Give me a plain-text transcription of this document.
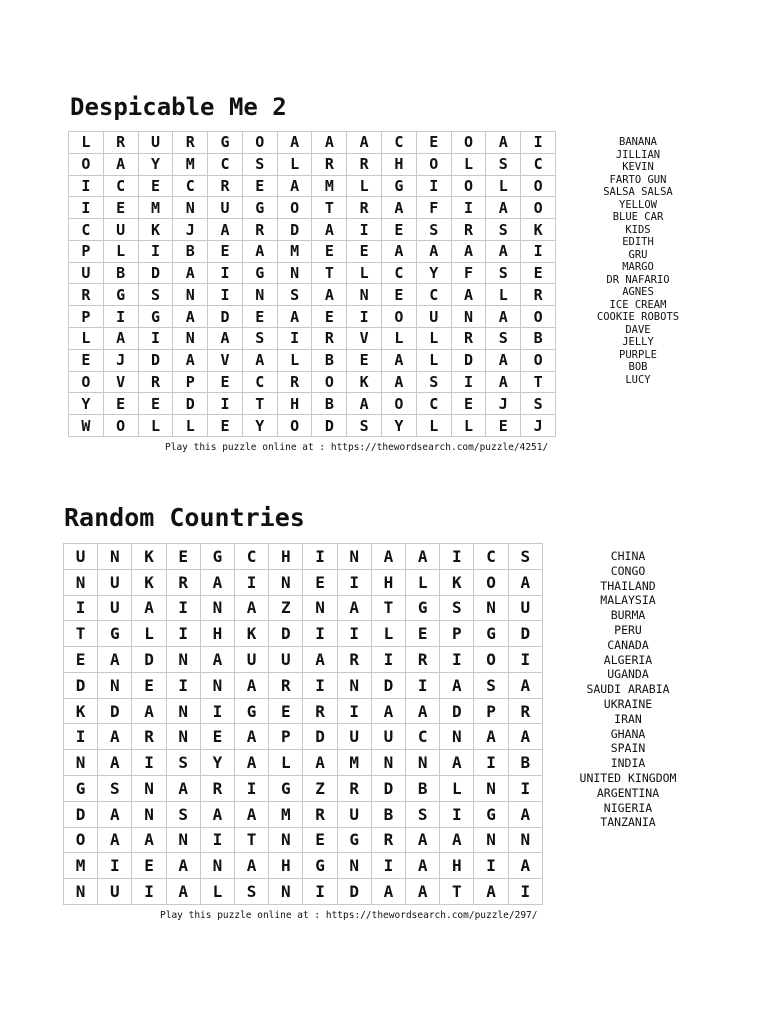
Despicable Me 2
L	R	U	R	G	O	A	A	A	C	E	O	A	I
O	A	Y	M	C	S	L	R	R	H	O	L	S	C
I	C	E	C	R	E	A	M	L	G	I	O	L	O
I	E	M	N	U	G	O	T	R	A	F	I	A	O
C	U	K	J	A	R	D	A	I	E	S	R	S	K
P	L	I	B	E	A	M	E	E	A	A	A	A	I
U	B	D	A	I	G	N	T	L	C	Y	F	S	E
R	G	S	N	I	N	S	A	N	E	C	A	L	R
P	I	G	A	D	E	A	E	I	O	U	N	A	O
L	A	I	N	A	S	I	R	V	L	L	R	S	B
E	J	D	A	V	A	L	B	E	A	L	D	A	O
O	V	R	P	E	C	R	O	K	A	S	I	A	T
Y	E	E	D	I	T	H	B	A	O	C	E	J	S
W	O	L	L	E	Y	O	D	S	Y	L	L	E	J
BANANA
JILLIAN
KEVIN
FARTO GUN
SALSA SALSA
YELLOW
BLUE CAR
KIDS
EDITH
GRU
MARGO
DR NAFARIO
AGNES
ICE CREAM
COOKIE ROBOTS
DAVE
JELLY
PURPLE
BOB
LUCY
Play this puzzle online at : https://thewordsearch.com/puzzle/4251/
Random Countries
U	N	K	E	G	C	H	I	N	A	A	I	C	S
N	U	K	R	A	I	N	E	I	H	L	K	O	A
I	U	A	I	N	A	Z	N	A	T	G	S	N	U
T	G	L	I	H	K	D	I	I	L	E	P	G	D
E	A	D	N	A	U	U	A	R	I	R	I	O	I
D	N	E	I	N	A	R	I	N	D	I	A	S	A
K	D	A	N	I	G	E	R	I	A	A	D	P	R
I	A	R	N	E	A	P	D	U	U	C	N	A	A
N	A	I	S	Y	A	L	A	M	N	N	A	I	B
G	S	N	A	R	I	G	Z	R	D	B	L	N	I
D	A	N	S	A	A	M	R	U	B	S	I	G	A
O	A	A	N	I	T	N	E	G	R	A	A	N	N
M	I	E	A	N	A	H	G	N	I	A	H	I	A
N	U	I	A	L	S	N	I	D	A	A	T	A	I
CHINA
CONGO
THAILAND
MALAYSIA
BURMA
PERU
CANADA
ALGERIA
UGANDA
SAUDI ARABIA
UKRAINE
IRAN
GHANA
SPAIN
INDIA
UNITED KINGDOM
ARGENTINA
NIGERIA
TANZANIA
Play this puzzle online at : https://thewordsearch.com/puzzle/297/
